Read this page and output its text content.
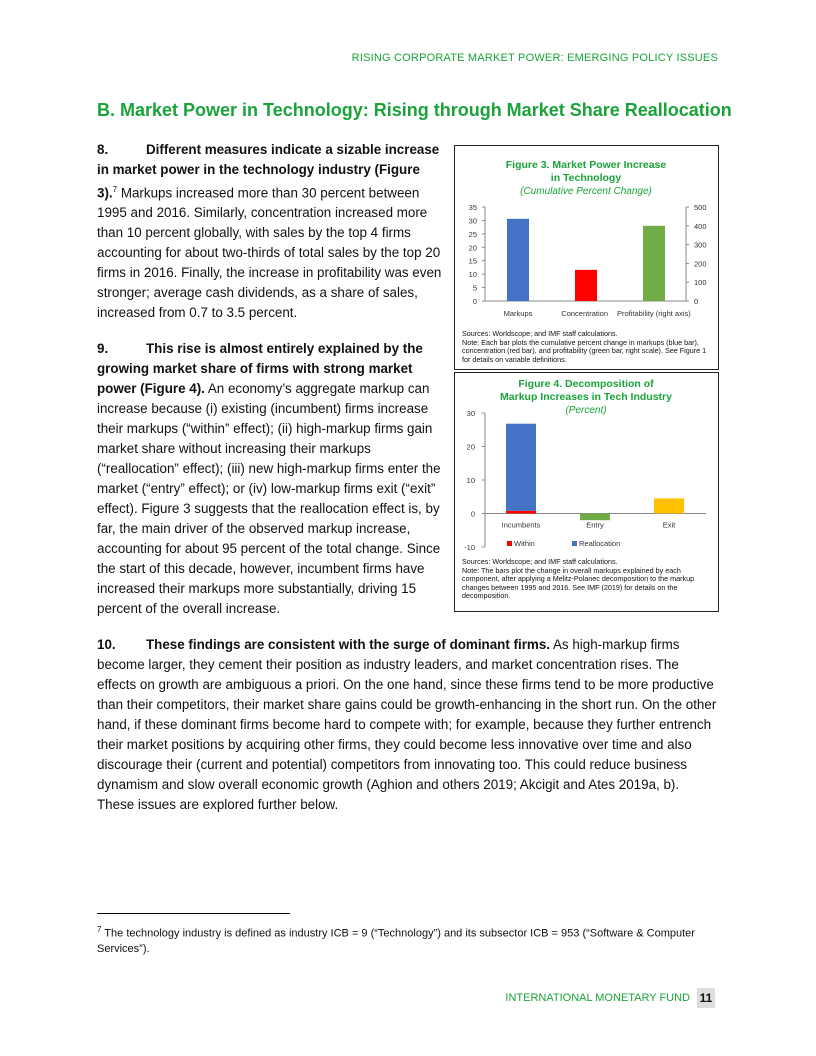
RISING CORPORATE MARKET POWER: EMERGING POLICY ISSUES
B. Market Power in Technology: Rising through Market Share Reallocation
8.	Different measures indicate a sizable increase in market power in the technology industry (Figure 3).$^7$ Markups increased more than 30 percent between 1995 and 2016. Similarly, concentration increased more than 10 percent globally, with sales by the top 4 firms accounting for about two-thirds of total sales by the top 20 firms in 2016. Finally, the increase in profitability was even stronger; average cash dividends, as a share of sales, increased from 0.7 to 3.5 percent.
9.	This rise is almost entirely explained by the growing market share of firms with strong market power (Figure 4). An economy’s aggregate markup can increase because (i) existing (incumbent) firms increase their markups (“within” effect); (ii) high-markup firms gain market share without increasing their markups (“reallocation” effect); (iii) new high-markup firms enter the market (“entry” effect); or (iv) low-markup firms exit (“exit” effect). Figure 3 suggests that the reallocation effect is, by far, the main driver of the observed markup increase, accounting for about 95 percent of the total change. Since the start of this decade, however, incumbent firms have increased their markups more substantially, driving 15 percent of the overall increase.
Figure 3. Market Power Increase
in Technology
(Cumulative Percent Change)
0
5
10
15
20
25
30
35
0
100
200
300
400
500
Markups	Concentration Profitability (right axis)
Sources: Worldscope; and IMF staff calculations.
Note: Each bar plots the cumulative percent change in markups (blue bar), concentration (red bar), and profitability (green bar, right scale). See Figure 1 for details on variable definitions.
Figure 4. Decomposition of
Markup Increases in Tech Industry
(Percent)
-10
0
10
20
30
Incumbents	Entry	Exit
Within	Reallocation
Sources: Worldscope; and IMF staff calculations.
Note: The bars plot the change in overall markups explained by each component, after applying a Melitz-Polanec decomposition to the markup changes between 1995 and 2016. See IMF (2019) for details on the decomposition.
10. These findings are consistent with the surge of dominant firms. As high-markup firms become larger, they cement their position as industry leaders, and market concentration rises. The effects on growth are ambiguous a priori. On the one hand, since these firms tend to be more productive than their competitors, their market share gains could be growth-enhancing in the short run. On the other hand, if these dominant firms become hard to compete with; for example, because they further entrench their market positions by acquiring other firms, they could become less innovative over time and also discourage their (current and potential) competitors from innovating too. This could reduce business dynamism and slow overall economic growth (Aghion and others 2019; Akcigit and Ates 2019a, b). These issues are explored further below.
$^7$ The technology industry is defined as industry ICB = 9 (“Technology”) and its subsector ICB = 953 (“Software & Computer Services”).
INTERNATIONAL MONETARY FUND 11
